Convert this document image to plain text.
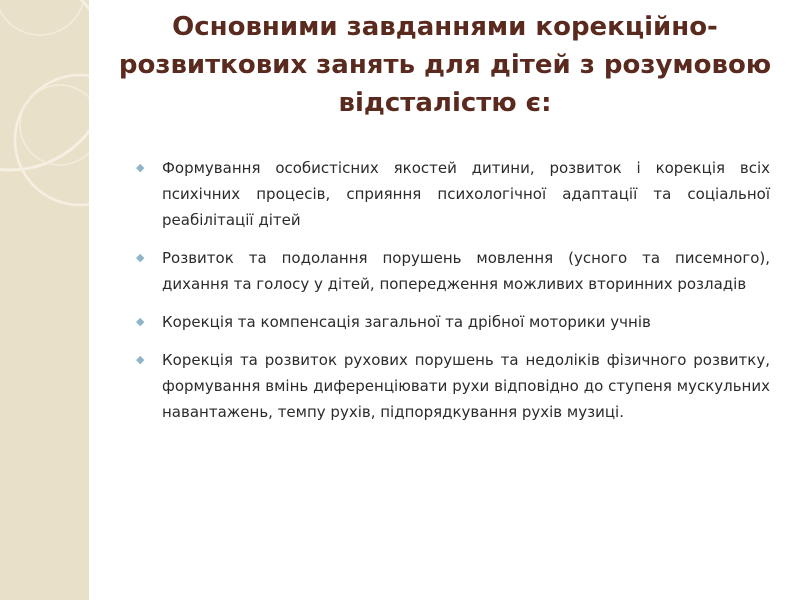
Основними завданнями корекційно-розвиткових занять для дітей з розумовою відсталістю є:
◆ Формування особистісних якостей дитини, розвиток і корекція всіх психічних процесів, сприяння психологічної адаптації та соціальної реабілітації дітей
◆ Розвиток та подолання порушень мовлення (усного та писемного), дихання та голосу у дітей, попередження можливих вторинних розладів
◆ Корекція та компенсація загальної та дрібної моторики учнів
◆ Корекція та розвиток рухових порушень та недоліків фізичного розвитку, формування вмінь диференціювати рухи відповідно до ступеня мускульних навантажень, темпу рухів, підпорядкування рухів музиці.
